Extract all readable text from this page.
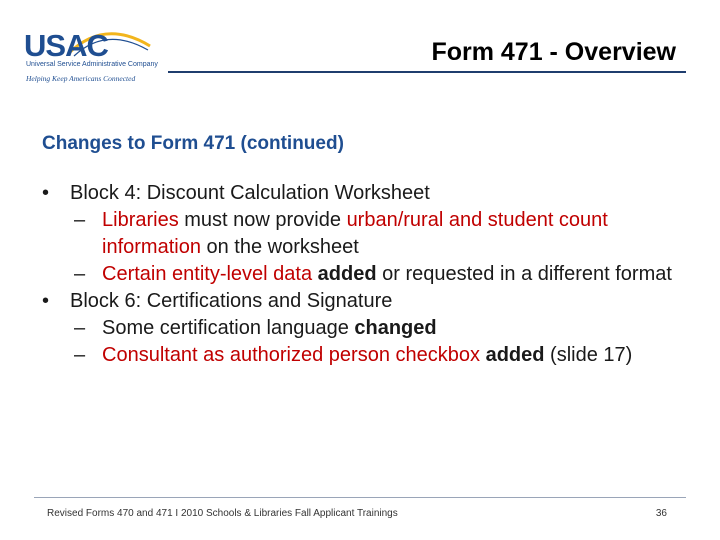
USAC
Universal Service Administrative Company
Helping Keep Americans Connected
Form 471 - Overview
Changes to Form 471 (continued)
• Block 4: Discount Calculation Worksheet
– Libraries must now provide urban/rural and student count information on the worksheet
– Certain entity-level data added or requested in a different format
• Block 6: Certifications and Signature
– Some certification language changed
– Consultant as authorized person checkbox added (slide 17)
Revised Forms 470 and 471 I 2010 Schools & Libraries Fall Applicant Trainings	36
